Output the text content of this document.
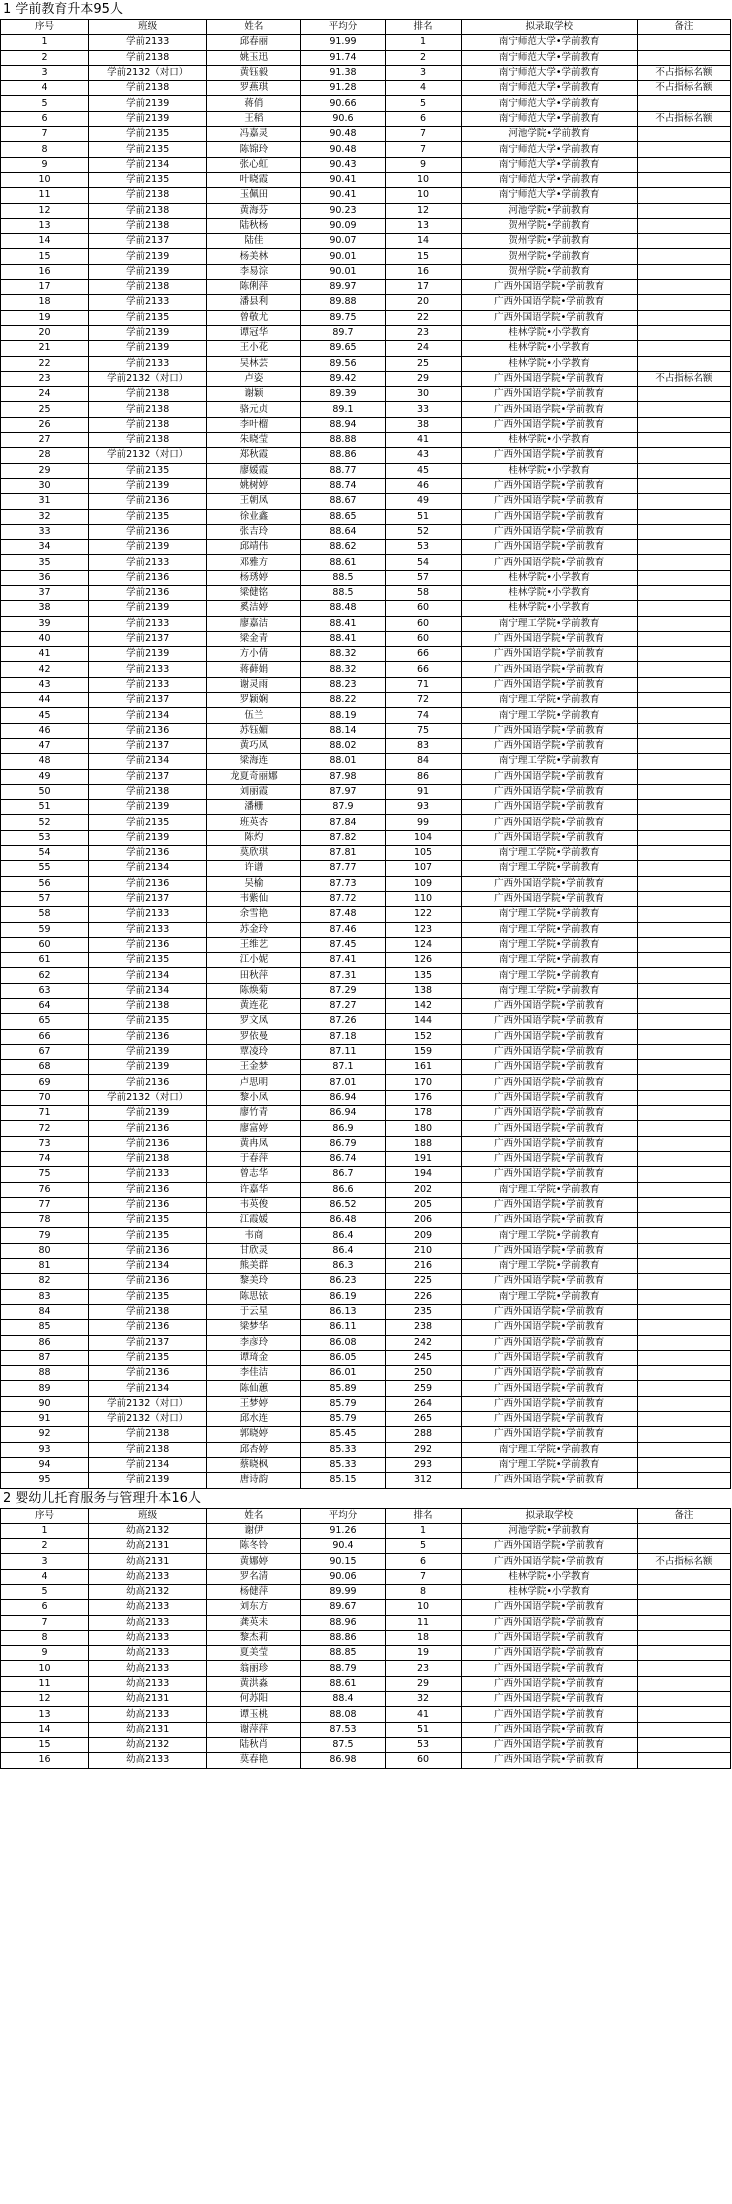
1 学前教育升本95人
序号	班级	姓名	平均分	排名	拟录取学校	备注
1	学前2133	邱春丽	91.99	1	南宁师范大学•学前教育	
2	学前2138	姚玉迅	91.74	2	南宁师范大学•学前教育	
3	学前2132（对口）	黄钰毅	91.38	3	南宁师范大学•学前教育	不占指标名额
4	学前2138	罗燕琪	91.28	4	南宁师范大学•学前教育	不占指标名额
5	学前2139	蒋俏	90.66	5	南宁师范大学•学前教育	
6	学前2139	王稻	90.6	6	南宁师范大学•学前教育	不占指标名额
7	学前2135	冯嘉灵	90.48	7	河池学院•学前教育	
8	学前2135	陈锦玲	90.48	7	南宁师范大学•学前教育	
9	学前2134	张心虹	90.43	9	南宁师范大学•学前教育	
10	学前2135	叶晓霞	90.41	10	南宁师范大学•学前教育	
11	学前2138	玉佩田	90.41	10	南宁师范大学•学前教育	
12	学前2138	黄海芬	90.23	12	河池学院•学前教育	
13	学前2138	陆秋杨	90.09	13	贺州学院•学前教育	
14	学前2137	陆佳	90.07	14	贺州学院•学前教育	
15	学前2139	杨美林	90.01	15	贺州学院•学前教育	
16	学前2139	李易淙	90.01	16	贺州学院•学前教育	
17	学前2138	陈俐萍	89.97	17	广西外国语学院•学前教育	
18	学前2133	潘县利	89.88	20	广西外国语学院•学前教育	
19	学前2135	曾敬尤	89.75	22	广西外国语学院•学前教育	
20	学前2139	谭冠华	89.7	23	桂林学院•小学教育	
21	学前2139	王小花	89.65	24	桂林学院•小学教育	
22	学前2133	吴林芸	89.56	25	桂林学院•小学教育	
23	学前2132（对口）	卢姿	89.42	29	广西外国语学院•学前教育	不占指标名额
24	学前2138	谢颖	89.39	30	广西外国语学院•学前教育	
25	学前2138	骆元贞	89.1	33	广西外国语学院•学前教育	
26	学前2138	李叶榴	88.94	38	广西外国语学院•学前教育	
27	学前2138	朱晓莹	88.88	41	桂林学院•小学教育	
28	学前2132（对口）	郑秋霞	88.86	43	广西外国语学院•学前教育	
29	学前2135	廖媛霞	88.77	45	桂林学院•小学教育	
30	学前2139	姚树婷	88.74	46	广西外国语学院•学前教育	
31	学前2136	王朝凤	88.67	49	广西外国语学院•学前教育	
32	学前2135	徐业鑫	88.65	51	广西外国语学院•学前教育	
33	学前2136	张吉玲	88.64	52	广西外国语学院•学前教育	
34	学前2139	邱靖伟	88.62	53	广西外国语学院•学前教育	
35	学前2133	邓雅方	88.61	54	广西外国语学院•学前教育	
36	学前2136	杨琇婷	88.5	57	桂林学院•小学教育	
37	学前2136	梁健铭	88.5	58	桂林学院•小学教育	
38	学前2139	奚洁婷	88.48	60	桂林学院•小学教育	
39	学前2133	廖嘉洁	88.41	60	南宁理工学院•学前教育	
40	学前2137	梁金青	88.41	60	广西外国语学院•学前教育	
41	学前2139	方小倩	88.32	66	广西外国语学院•学前教育	
42	学前2133	蒋藓娟	88.32	66	广西外国语学院•学前教育	
43	学前2133	谢灵雨	88.23	71	广西外国语学院•学前教育	
44	学前2137	罗颖娴	88.22	72	南宁理工学院•学前教育	
45	学前2134	伍兰	88.19	74	南宁理工学院•学前教育	
46	学前2136	苏钰媚	88.14	75	广西外国语学院•学前教育	
47	学前2137	黄巧凤	88.02	83	广西外国语学院•学前教育	
48	学前2134	梁海连	88.01	84	南宁理工学院•学前教育	
49	学前2137	龙夏奇丽娜	87.98	86	广西外国语学院•学前教育	
50	学前2138	刘丽霞	87.97	91	广西外国语学院•学前教育	
51	学前2139	潘栅	87.9	93	广西外国语学院•学前教育	
52	学前2135	班英杏	87.84	99	广西外国语学院•学前教育	
53	学前2139	陈灼	87.82	104	广西外国语学院•学前教育	
54	学前2136	莫欣琪	87.81	105	南宁理工学院•学前教育	
55	学前2134	许谱	87.77	107	南宁理工学院•学前教育	
56	学前2136	吴榆	87.73	109	广西外国语学院•学前教育	
57	学前2137	韦紫仙	87.72	110	广西外国语学院•学前教育	
58	学前2133	余雪艳	87.48	122	南宁理工学院•学前教育	
59	学前2133	苏金玲	87.46	123	南宁理工学院•学前教育	
60	学前2136	王维艺	87.45	124	南宁理工学院•学前教育	
61	学前2135	江小妮	87.41	126	南宁理工学院•学前教育	
62	学前2134	田秋萍	87.31	135	南宁理工学院•学前教育	
63	学前2134	陈焕菊	87.29	138	南宁理工学院•学前教育	
64	学前2138	黄连花	87.27	142	广西外国语学院•学前教育	
65	学前2135	罗文凤	87.26	144	广西外国语学院•学前教育	
66	学前2136	罗依曼	87.18	152	广西外国语学院•学前教育	
67	学前2139	覃凌玲	87.11	159	广西外国语学院•学前教育	
68	学前2139	王金梦	87.1	161	广西外国语学院•学前教育	
69	学前2136	卢思明	87.01	170	广西外国语学院•学前教育	
70	学前2132（对口）	黎小凤	86.94	176	广西外国语学院•学前教育	
71	学前2139	廖竹青	86.94	178	广西外国语学院•学前教育	
72	学前2136	廖富婷	86.9	180	广西外国语学院•学前教育	
73	学前2136	黄冉凤	86.79	188	广西外国语学院•学前教育	
74	学前2138	于春萍	86.74	191	广西外国语学院•学前教育	
75	学前2133	曾志华	86.7	194	广西外国语学院•学前教育	
76	学前2136	许嘉华	86.6	202	南宁理工学院•学前教育	
77	学前2136	韦英俊	86.52	205	广西外国语学院•学前教育	
78	学前2135	江霞媛	86.48	206	广西外国语学院•学前教育	
79	学前2135	韦商	86.4	209	南宁理工学院•学前教育	
80	学前2136	甘欣灵	86.4	210	广西外国语学院•学前教育	
81	学前2134	熊美群	86.3	216	南宁理工学院•学前教育	
82	学前2136	黎美玲	86.23	225	广西外国语学院•学前教育	
83	学前2135	陈思铱	86.19	226	南宁理工学院•学前教育	
84	学前2138	于云星	86.13	235	广西外国语学院•学前教育	
85	学前2136	梁梦华	86.11	238	广西外国语学院•学前教育	
86	学前2137	李彦玲	86.08	242	广西外国语学院•学前教育	
87	学前2135	谭琦金	86.05	245	广西外国语学院•学前教育	
88	学前2136	李佳洁	86.01	250	广西外国语学院•学前教育	
89	学前2134	陈仙蕙	85.89	259	广西外国语学院•学前教育	
90	学前2132（对口）	王梦婷	85.79	264	广西外国语学院•学前教育	
91	学前2132（对口）	邱水连	85.79	265	广西外国语学院•学前教育	
92	学前2138	郭晓婷	85.45	288	广西外国语学院•学前教育	
93	学前2138	邱杏婷	85.33	292	南宁理工学院•学前教育	
94	学前2134	蔡晓枫	85.33	293	南宁理工学院•学前教育	
95	学前2139	唐诗韵	85.15	312	广西外国语学院•学前教育	
2 婴幼儿托育服务与管理升本16人
序号	班级	姓名	平均分	排名	拟录取学校	备注
1	幼高2132	谢伊	91.26	1	河池学院•学前教育	
2	幼高2131	陈冬铃	90.4	5	广西外国语学院•学前教育	
3	幼高2131	黄娜婷	90.15	6	广西外国语学院•学前教育	不占指标名额
4	幼高2133	罗名清	90.06	7	桂林学院•小学教育	
5	幼高2132	杨健萍	89.99	8	桂林学院•小学教育	
6	幼高2133	刘东方	89.67	10	广西外国语学院•学前教育	
7	幼高2133	龚英未	88.96	11	广西外国语学院•学前教育	
8	幼高2133	黎杰莉	88.86	18	广西外国语学院•学前教育	
9	幼高2133	夏美莹	88.85	19	广西外国语学院•学前教育	
10	幼高2133	翁丽珍	88.79	23	广西外国语学院•学前教育	
11	幼高2133	黄洪淼	88.61	29	广西外国语学院•学前教育	
12	幼高2131	何苏阳	88.4	32	广西外国语学院•学前教育	
13	幼高2133	谭玉桃	88.08	41	广西外国语学院•学前教育	
14	幼高2131	谢萍萍	87.53	51	广西外国语学院•学前教育	
15	幼高2132	陆秋肖	87.5	53	广西外国语学院•学前教育	
16	幼高2133	莫春艳	86.98	60	广西外国语学院•学前教育	
